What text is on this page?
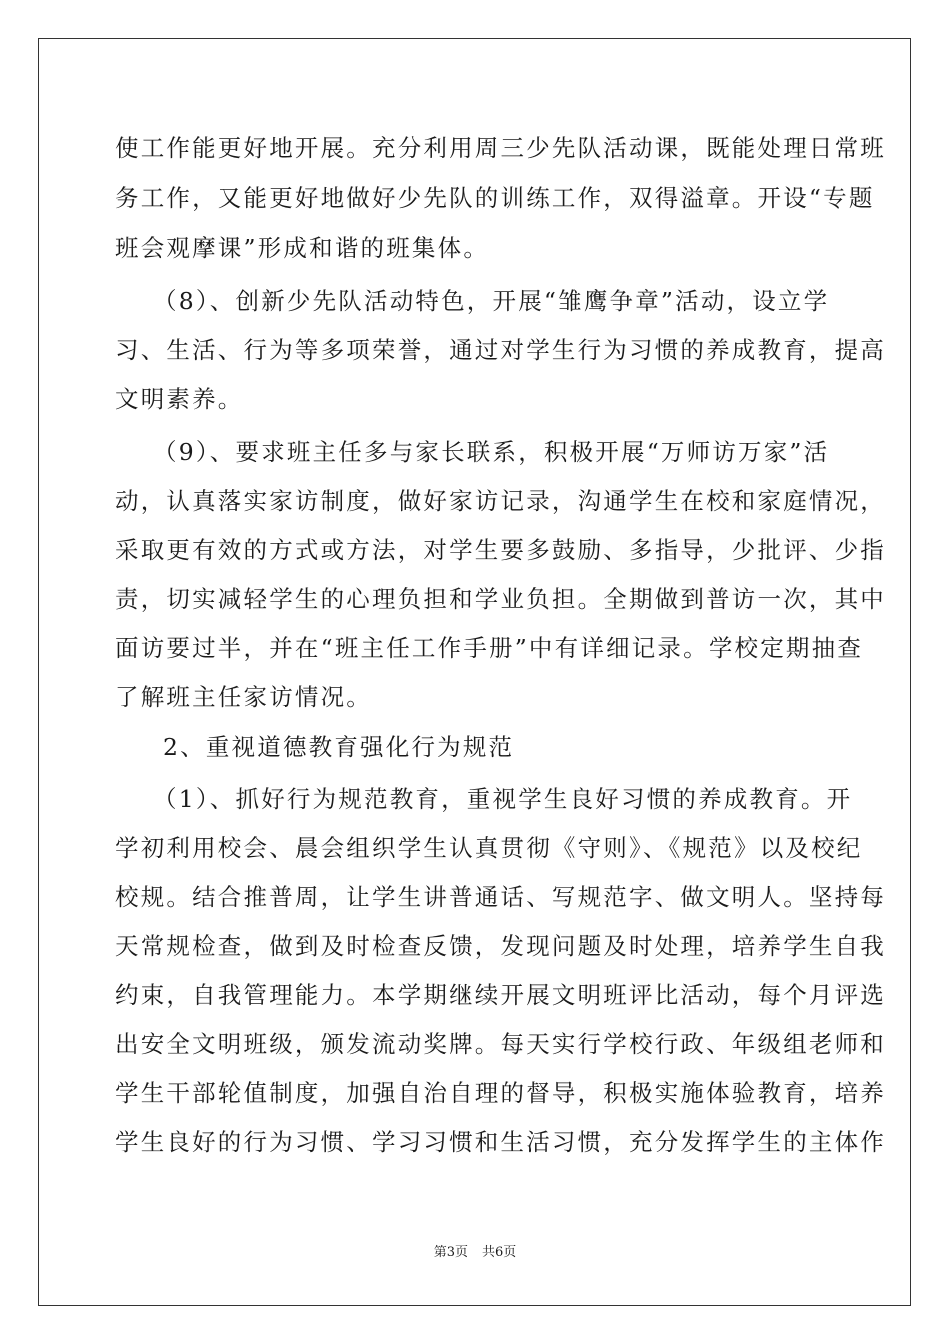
使工作能更好地开展。充分利用周三少先队活动课，既能处理日常班
务工作，又能更好地做好少先队的训练工作，双得溢章。开设“专题
班会观摩课”形成和谐的班集体。
（8）、创新少先队活动特色，开展“雏鹰争章”活动，设立学
习、生活、行为等多项荣誉，通过对学生行为习惯的养成教育，提高
文明素养。
（9）、要求班主任多与家长联系，积极开展“万师访万家”活
动，认真落实家访制度，做好家访记录，沟通学生在校和家庭情况，
采取更有效的方式或方法，对学生要多鼓励、多指导，少批评、少指
责，切实减轻学生的心理负担和学业负担。全期做到普访一次，其中
面访要过半，并在“班主任工作手册”中有详细记录。学校定期抽查
了解班主任家访情况。
2、重视道德教育强化行为规范
（1）、抓好行为规范教育，重视学生良好习惯的养成教育。开
学初利用校会、晨会组织学生认真贯彻《守则》、《规范》以及校纪
校规。结合推普周，让学生讲普通话、写规范字、做文明人。坚持每
天常规检查，做到及时检查反馈，发现问题及时处理，培养学生自我
约束，自我管理能力。本学期继续开展文明班评比活动，每个月评选
出安全文明班级，颁发流动奖牌。每天实行学校行政、年级组老师和
学生干部轮值制度，加强自治自理的督导，积极实施体验教育，培养
学生良好的行为习惯、学习习惯和生活习惯，充分发挥学生的主体作
第3页 共6页
